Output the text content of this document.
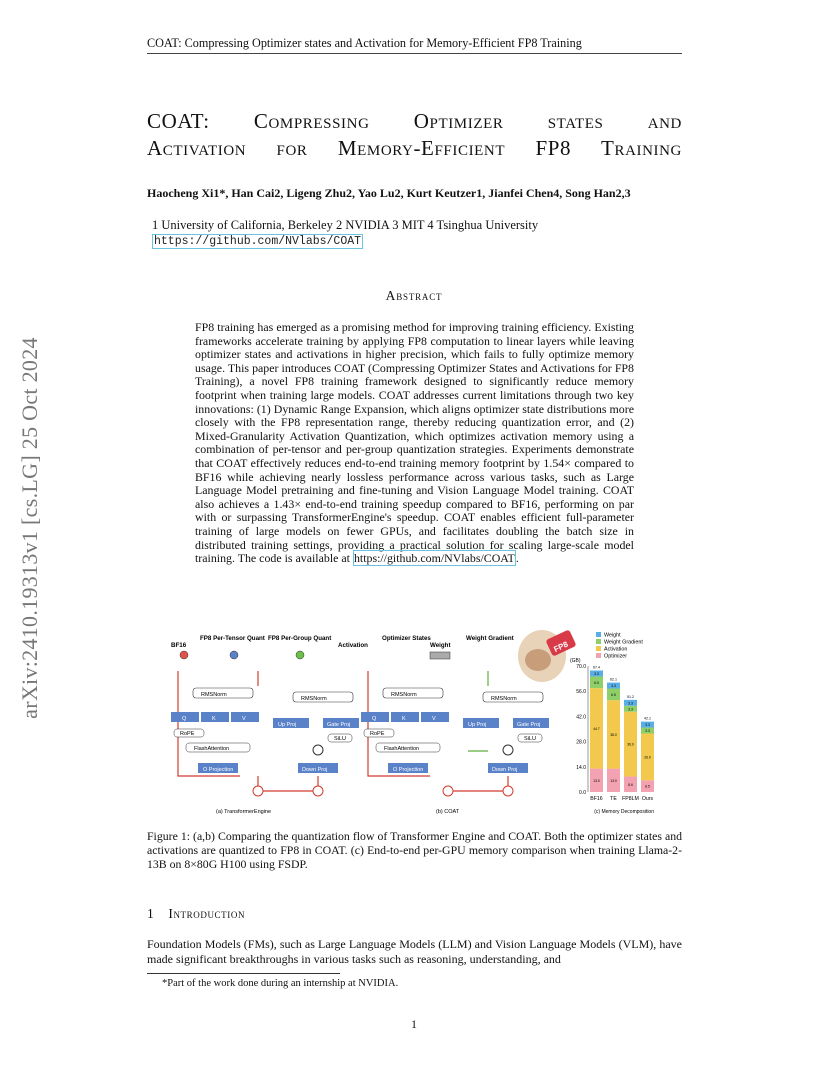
COAT: Compressing Optimizer states and Activation for Memory-Efficient FP8 Training
COAT: Compressing Optimizer states and
Activation for Memory-Efficient FP8 Training
Haocheng Xi1*, Han Cai2, Ligeng Zhu2, Yao Lu2, Kurt Keutzer1, Jianfei Chen4, Song Han2,3
1 University of California, Berkeley 2 NVIDIA 3 MIT 4 Tsinghua University
https://github.com/NVlabs/COAT
arXiv:2410.19313v1 [cs.LG] 25 Oct 2024
Abstract
FP8 training has emerged as a promising method for improving training efficiency. Existing frameworks accelerate training by applying FP8 computation to linear layers while leaving optimizer states and activations in higher precision, which fails to fully optimize memory usage. This paper introduces COAT (Compressing Optimizer States and Activations for FP8 Training), a novel FP8 training framework designed to significantly reduce memory footprint when training large models. COAT addresses current limitations through two key innovations: (1) Dynamic Range Expansion, which aligns optimizer state distributions more closely with the FP8 representation range, thereby reducing quantization error, and (2) Mixed-Granularity Activation Quantization, which optimizes activation memory using a combination of per-tensor and per-group quantization strategies. Experiments demonstrate that COAT effectively reduces end-to-end training memory footprint by 1.54× compared to BF16 while achieving nearly lossless performance across various tasks, such as Large Language Model pretraining and fine-tuning and Vision Language Model training. COAT also achieves a 1.43× end-to-end training speedup compared to BF16, performing on par with or surpassing TransformerEngine's speedup. COAT enables efficient full-parameter training of large models on fewer GPUs, and facilitates doubling the batch size in distributed training settings, providing a practical solution for scaling large-scale model training. The code is available at https://github.com/NVlabs/COAT.
BF16
FP8 Per-Tensor Quant FP8 Per-Group Quant
Activation
Optimizer States
Weight
Weight Gradient
RMSNorm
Q	K	V
RoPE
FlashAttention
O Projection
RMSNorm
Up Proj	Gate Proj
SiLU
Down Proj
(a) TransformerEngine
RMSNorm
Q	K	V
RoPE
FlashAttention
O Projection
RMSNorm
Up Proj	Gate Proj
SiLU
Down Proj
(b) COAT
FP8
(GB)
(c) Memory Decomposition
0.0
14.0
28.0
42.0
56.0
70.0
13.0
44.7
6.5
3.3
67.4
BF16
13.0
38.0
6.5
3.3
62.1
TE
8.6
36.0
3.3
3.3
51.2
FP8LM
6.5
26.0
3.3
3.3
42.1
Ours
Weight
Weight Gradient
Activation
Optimizer
Figure 1: (a,b) Comparing the quantization flow of Transformer Engine and COAT. Both the optimizer states and activations are quantized to FP8 in COAT. (c) End-to-end per-GPU memory comparison when training Llama-2-13B on 8×80G H100 using FSDP.
1 Introduction
Foundation Models (FMs), such as Large Language Models (LLM) and Vision Language Models (VLM), have made significant breakthroughs in various tasks such as reasoning, understanding, and
*Part of the work done during an internship at NVIDIA.
1
